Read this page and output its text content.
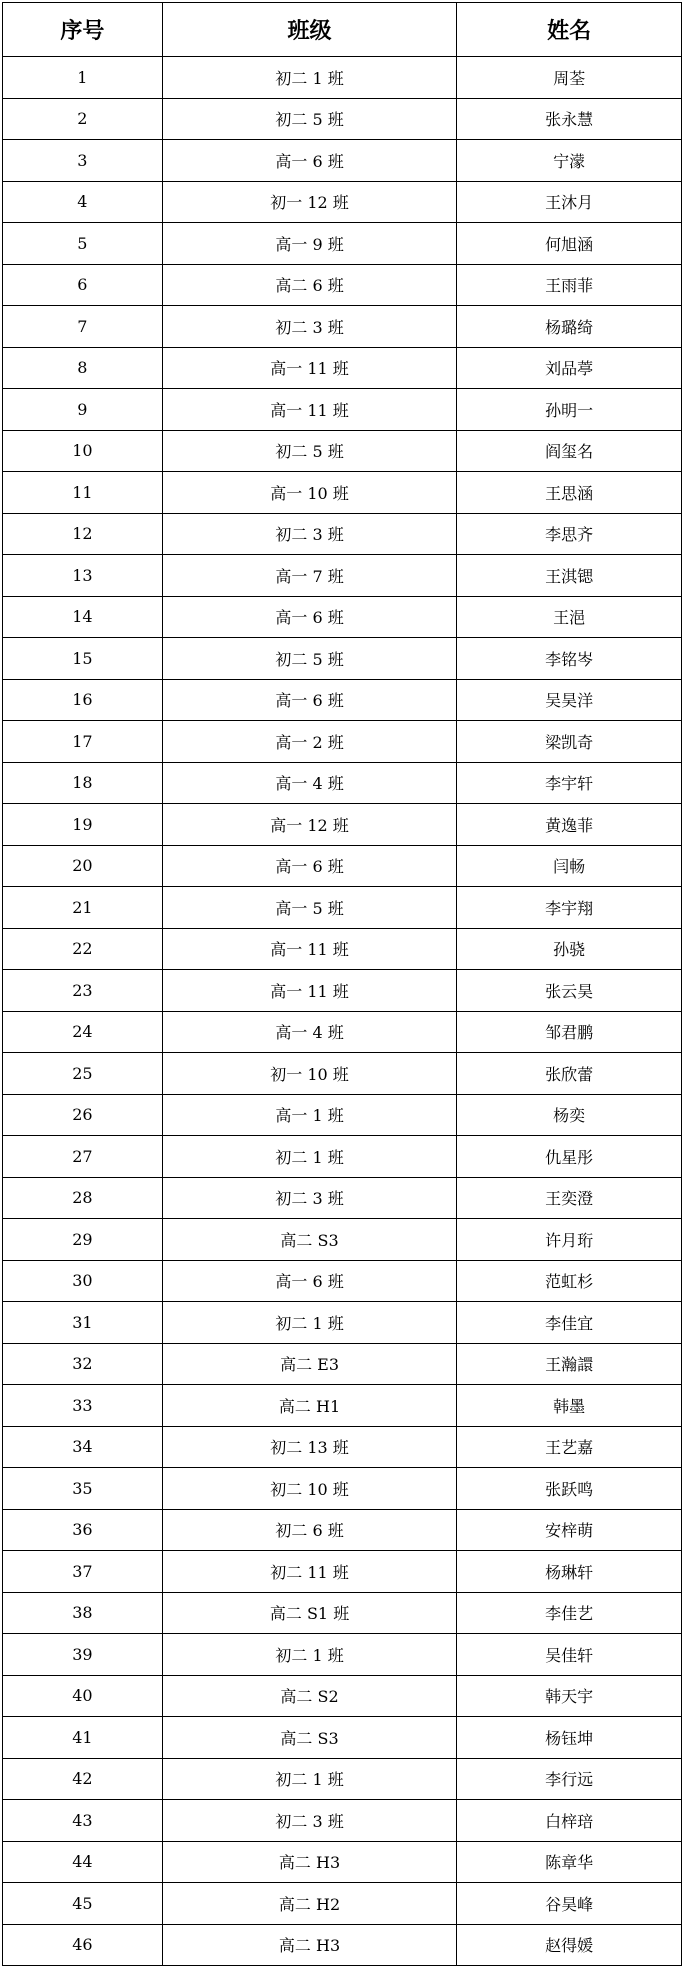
序号	班级	姓名
1	初二 1 班	周荃
2	初二 5 班	张永慧
3	高一 6 班	宁濛
4	初一 12 班	王沐月
5	高一 9 班	何旭涵
6	高二 6 班	王雨菲
7	初二 3 班	杨璐绮
8	高一 11 班	刘品葶
9	高一 11 班	孙明一
10	初二 5 班	阎玺名
11	高一 10 班	王思涵
12	初二 3 班	李思齐
13	高一 7 班	王淇锶
14	高一 6 班	王浥
15	初二 5 班	李铭岑
16	高一 6 班	吴昊洋
17	高一 2 班	梁凯奇
18	高一 4 班	李宇轩
19	高一 12 班	黄逸菲
20	高一 6 班	闫畅
21	高一 5 班	李宇翔
22	高一 11 班	孙骁
23	高一 11 班	张云昊
24	高一 4 班	邹君鹏
25	初一 10 班	张欣蕾
26	高一 1 班	杨奕
27	初二 1 班	仇星彤
28	初二 3 班	王奕澄
29	高二 S3	许月珩
30	高一 6 班	范虹杉
31	初二 1 班	李佳宜
32	高二 E3	王瀚譞
33	高二 H1	韩墨
34	初二 13 班	王艺嘉
35	初二 10 班	张跃鸣
36	初二 6 班	安梓萌
37	初二 11 班	杨琳轩
38	高二 S1 班	李佳艺
39	初二 1 班	吴佳轩
40	高二 S2	韩天宇
41	高二 S3	杨钰坤
42	初二 1 班	李行远
43	初二 3 班	白梓琣
44	高二 H3	陈章华
45	高二 H2	谷昊峰
46	高二 H3	赵得媛
